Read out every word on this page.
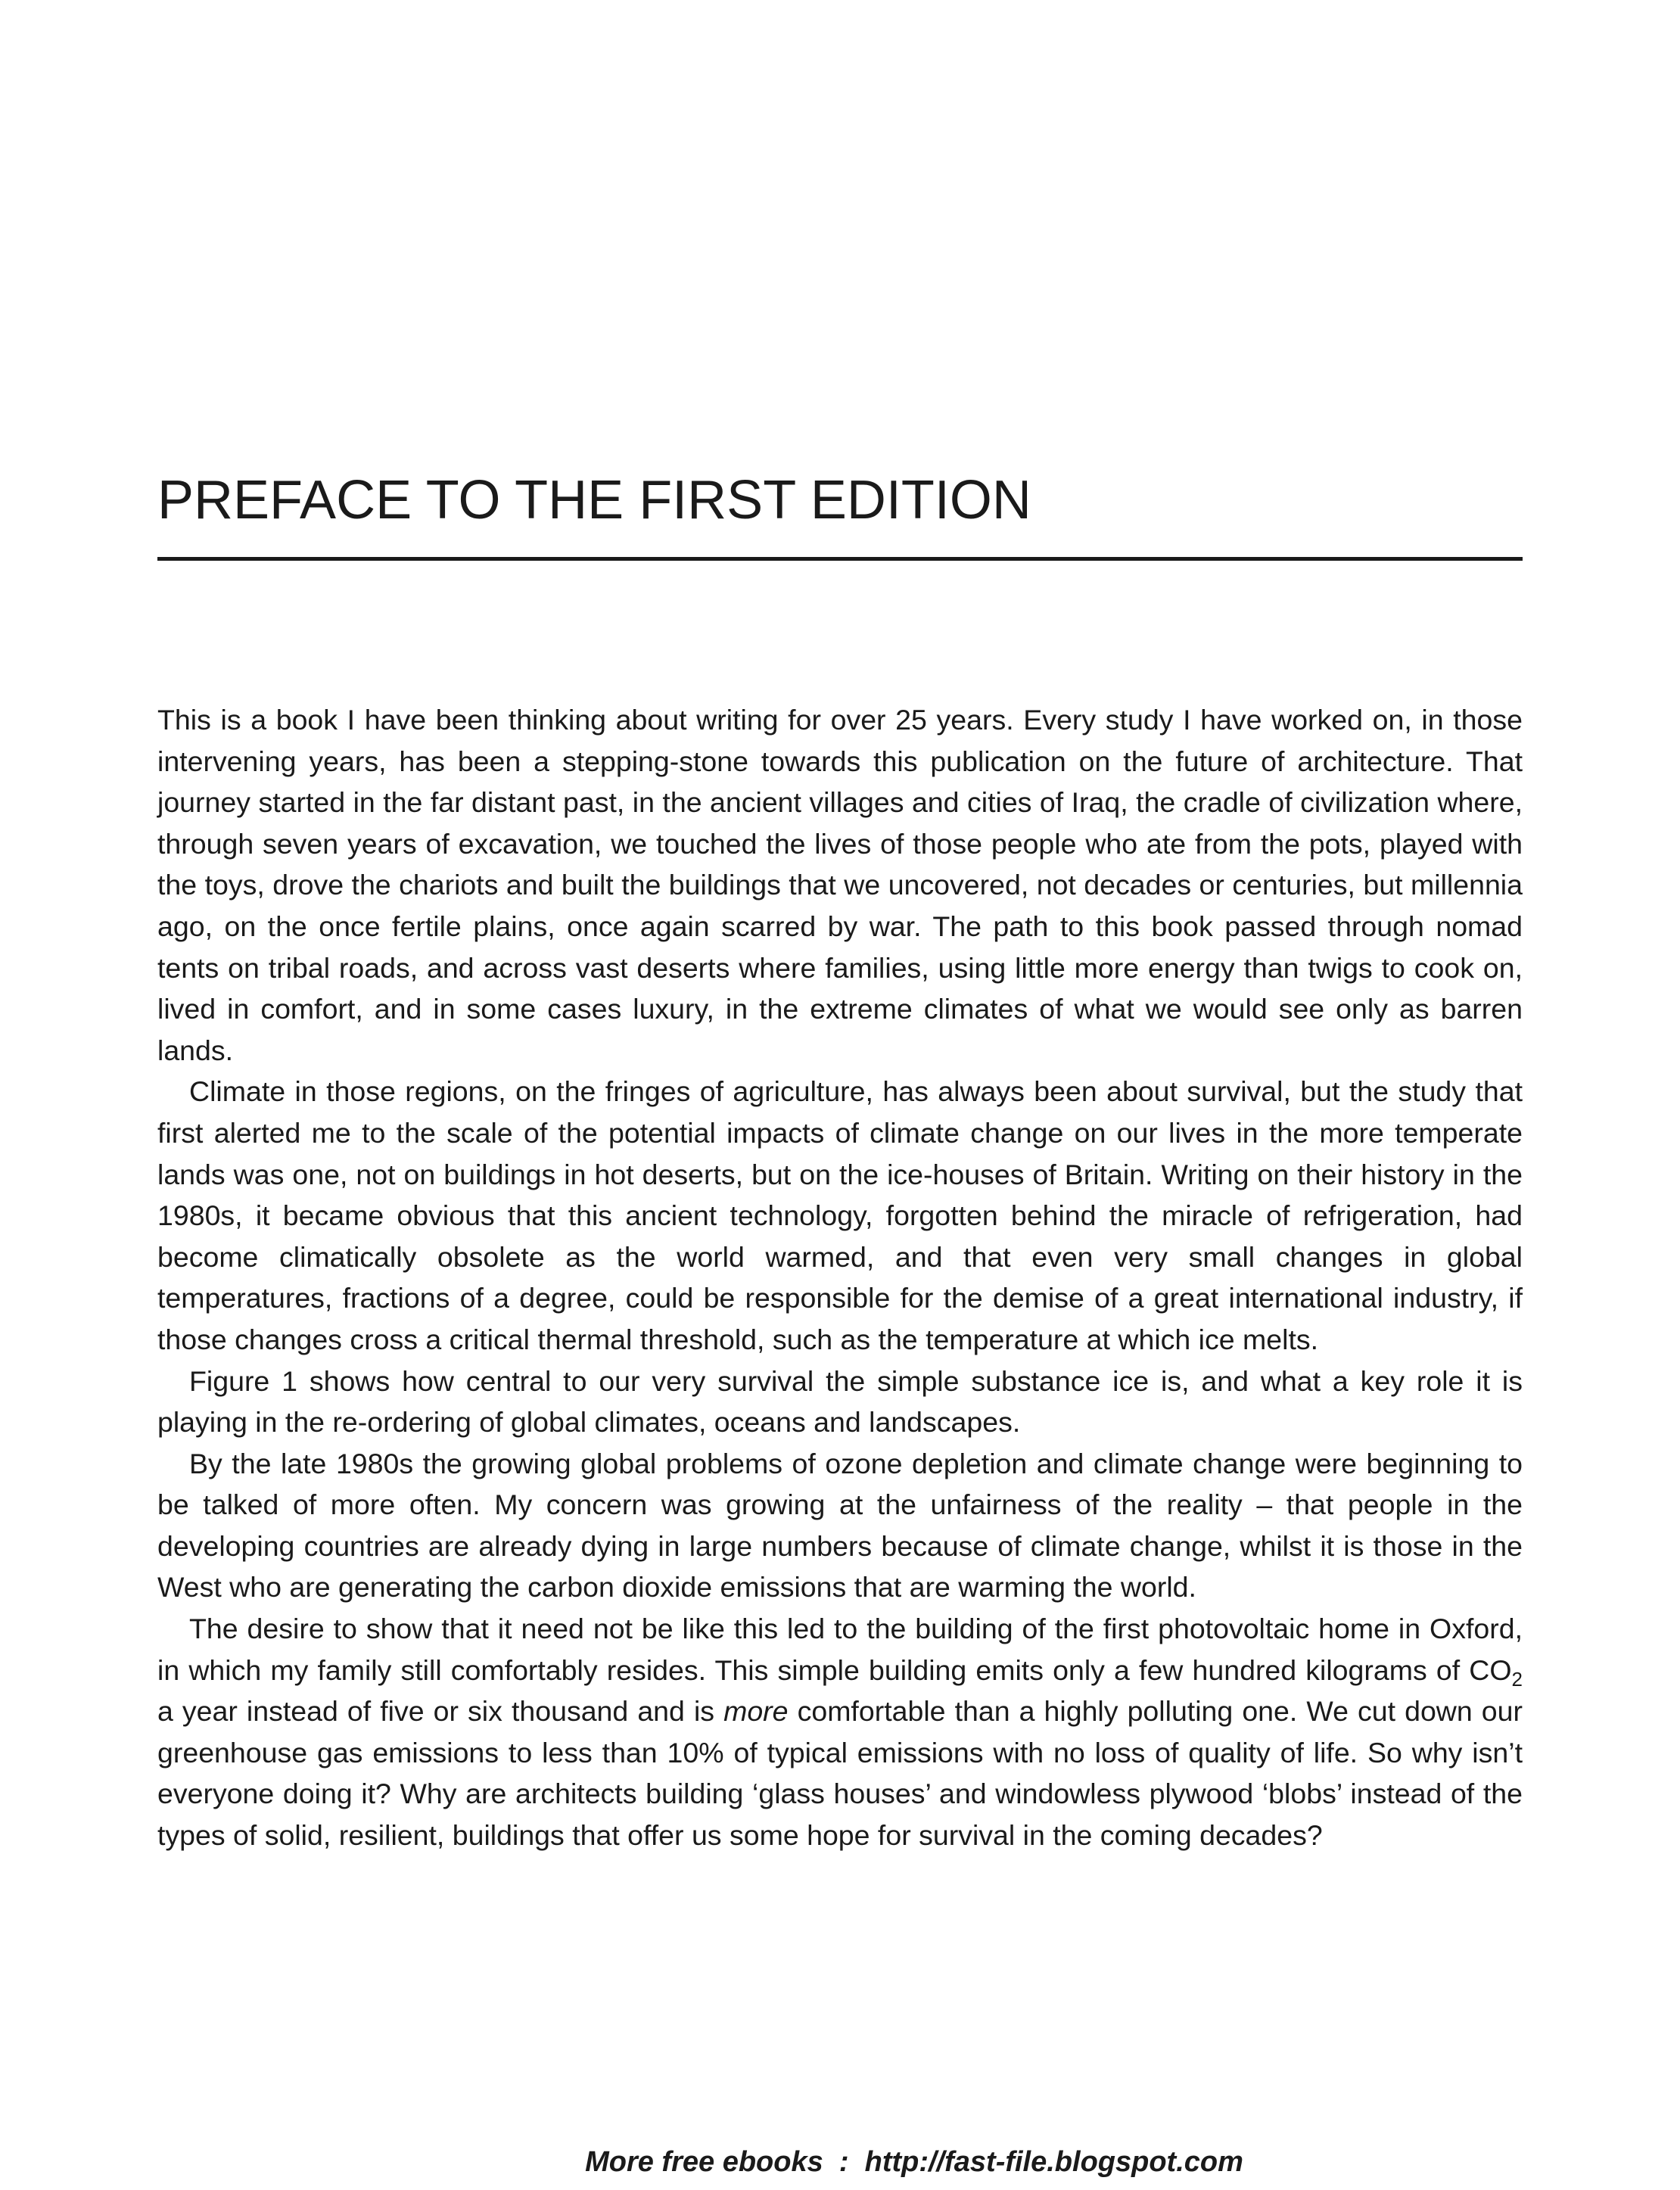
PREFACE TO THE FIRST EDITION

This is a book I have been thinking about writing for over 25 years. Every study I have worked on, in those intervening years, has been a stepping-stone towards this publication on the future of architecture. That journey started in the far distant past, in the ancient villages and cities of Iraq, the cradle of civilization where, through seven years of excavation, we touched the lives of those people who ate from the pots, played with the toys, drove the chariots and built the buildings that we uncovered, not decades or centuries, but millennia ago, on the once fertile plains, once again scarred by war. The path to this book passed through nomad tents on tribal roads, and across vast deserts where families, using little more energy than twigs to cook on, lived in comfort, and in some cases luxury, in the extreme climates of what we would see only as barren lands.

Climate in those regions, on the fringes of agriculture, has always been about survival, but the study that first alerted me to the scale of the potential impacts of climate change on our lives in the more temperate lands was one, not on buildings in hot deserts, but on the ice-houses of Britain. Writing on their history in the 1980s, it became obvious that this ancient technology, forgotten behind the miracle of refrigeration, had become climatically obsolete as the world warmed, and that even very small changes in global temperatures, fractions of a degree, could be responsible for the demise of a great international industry, if those changes cross a critical thermal threshold, such as the temperature at which ice melts.

Figure 1 shows how central to our very survival the simple substance ice is, and what a key role it is playing in the re-ordering of global climates, oceans and landscapes.

By the late 1980s the growing global problems of ozone depletion and climate change were beginning to be talked of more often. My concern was growing at the unfairness of the reality – that people in the developing countries are already dying in large numbers because of climate change, whilst it is those in the West who are generating the carbon dioxide emissions that are warming the world.

The desire to show that it need not be like this led to the building of the first photovoltaic home in Oxford, in which my family still comfortably resides. This simple building emits only a few hundred kilograms of $CO_2$ a year instead of five or six thousand and is more comfortable than a highly polluting one. We cut down our greenhouse gas emissions to less than 10% of typical emissions with no loss of quality of life. So why isn’t everyone doing it? Why are architects building ‘glass houses’ and windowless plywood ‘blobs’ instead of the types of solid, resilient, buildings that offer us some hope for survival in the coming decades?

More free ebooks  :  http://fast-file.blogspot.com
